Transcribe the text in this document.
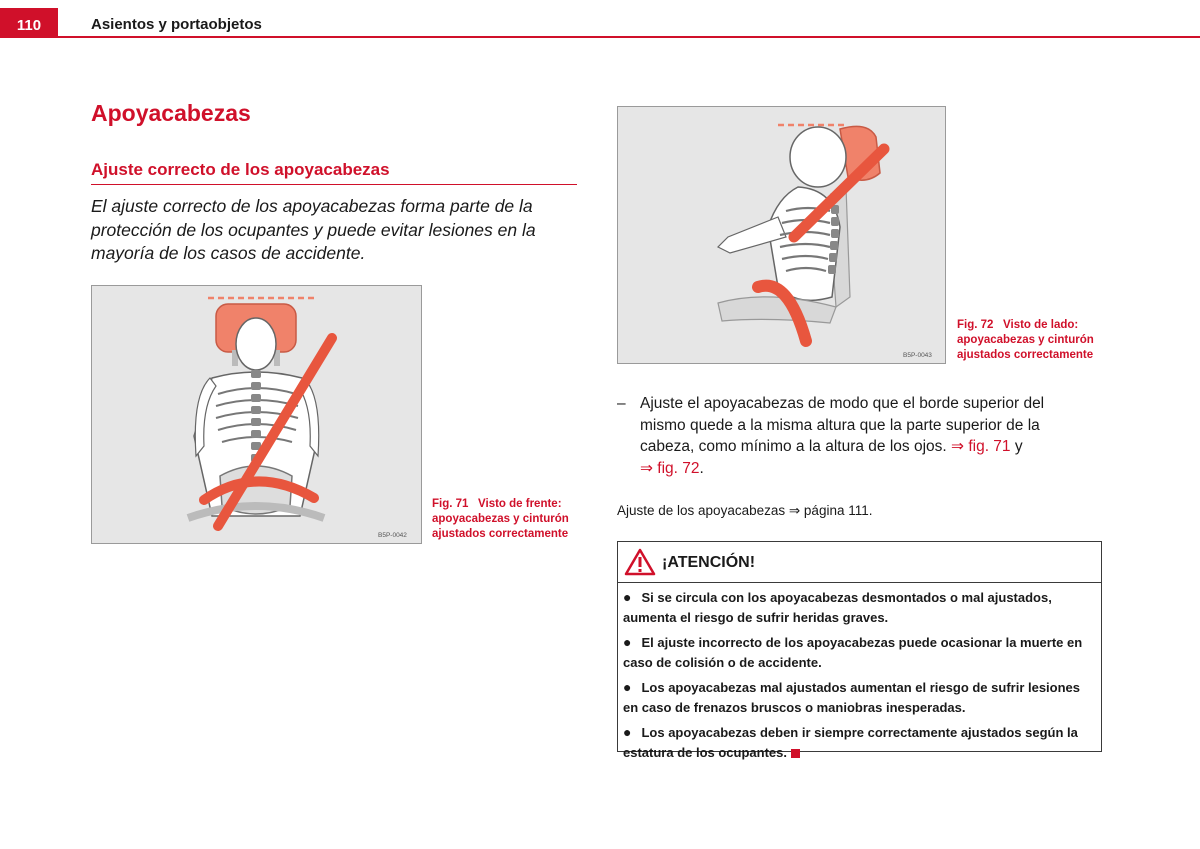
110	Asientos y portaobjetos
Apoyacabezas
Ajuste correcto de los apoyacabezas
El ajuste correcto de los apoyacabezas forma parte de la protección de los ocupantes y puede evitar lesiones en la mayoría de los casos de accidente.
B5P-0042
Fig. 71 Visto de frente: apoyacabezas y cinturón ajustados correctamente
B5P-0043
Fig. 72 Visto de lado: apoyacabezas y cinturón ajustados correctamente
– Ajuste el apoyacabezas de modo que el borde superior del mismo quede a la misma altura que la parte superior de la cabeza, como mínimo a la altura de los ojos. ⇒ fig. 71 y
⇒ fig. 72.
Ajuste de los apoyacabezas ⇒ página 111.
¡ATENCIÓN!
● Si se circula con los apoyacabezas desmontados o mal ajustados, aumenta el riesgo de sufrir heridas graves.
● El ajuste incorrecto de los apoyacabezas puede ocasionar la muerte en caso de colisión o de accidente.
● Los apoyacabezas mal ajustados aumentan el riesgo de sufrir lesiones en caso de frenazos bruscos o maniobras inesperadas.
● Los apoyacabezas deben ir siempre correctamente ajustados según la estatura de los ocupantes.
